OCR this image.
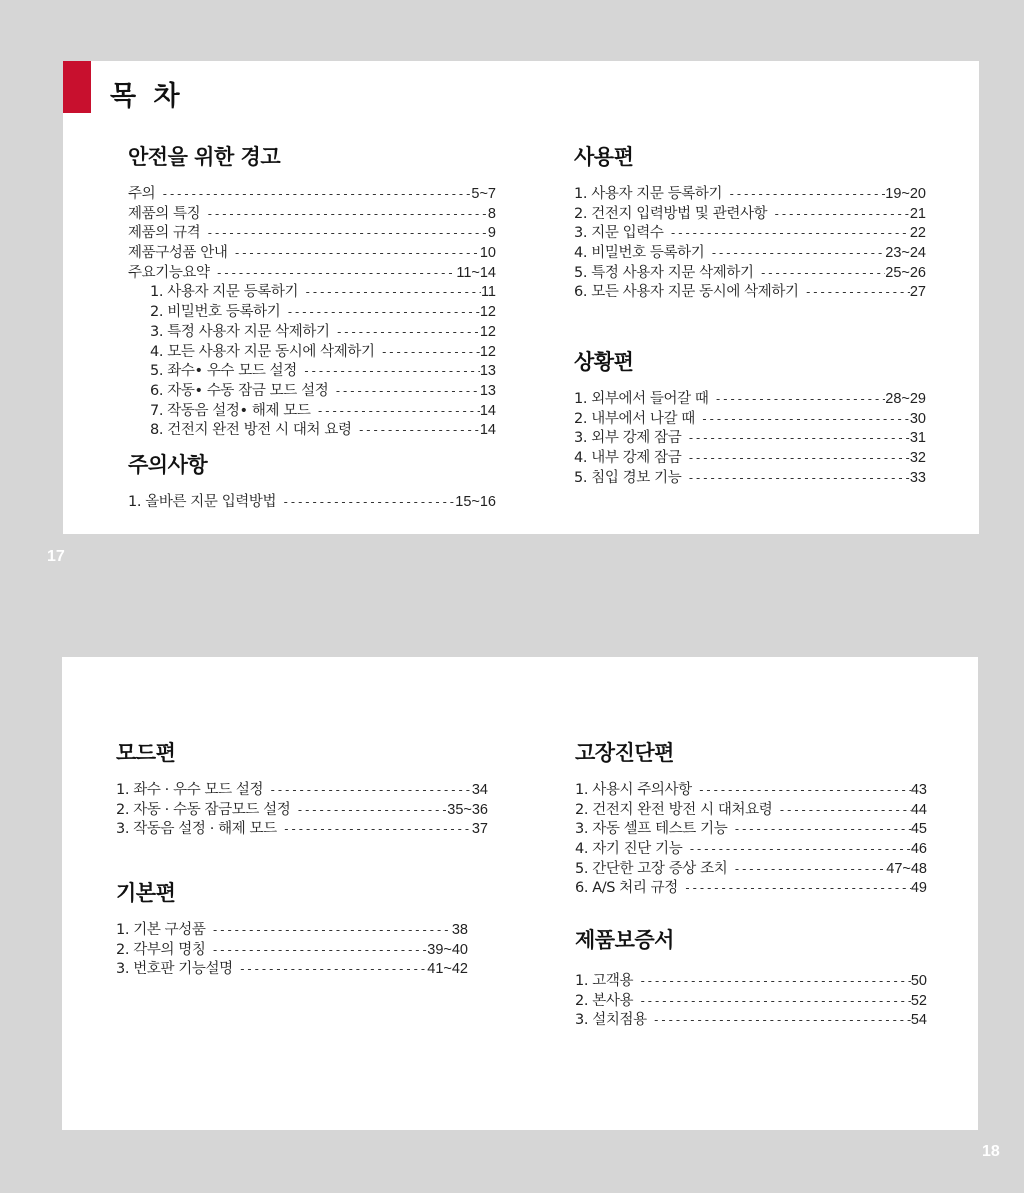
목 차
17
18
안전을 위한 경고
주의 -----	5~7
제품의 특징 -----	8
제품의 규격 -----	9
제품구성품 안내 -----	10
주요기능요약 -----	11~14
1. 사용자 지문 등록하기 -----	11
2. 비밀번호 등록하기 -----	12
3. 특정 사용자 지문 삭제하기 -----	12
4. 모든 사용자 지문 동시에 삭제하기 -----	12
5. 좌수• 우수 모드 설정 -----	13
6. 자동• 수동 잠금 모드 설정 -----	13
7. 작동음 설정• 해제 모드 -----	14
8. 건전지 완전 방전 시 대처 요령 -----	14
주의사항
1. 올바른 지문 입력방법 -----	15~16
사용편
1. 사용자 지문 등록하기 -----	19~20
2. 건전지 입력방법 및 관련사항 -----	21
3. 지문 입력수 -----	22
4. 비밀번호 등록하기 -----	23~24
5. 특정 사용자 지문 삭제하기 -----	25~26
6. 모든 사용자 지문 동시에 삭제하기 -----	27
상황편
1. 외부에서 들어갈 때 -----	28~29
2. 내부에서 나갈 때 -----	30
3. 외부 강제 잠금 -----	31
4. 내부 강제 잠금 -----	32
5. 침입 경보 기능 -----	33
모드편
1. 좌수 · 우수 모드 설정 -----	34
2. 자동 · 수동 잠금모드 설정 -----	35~36
3. 작동음 설정 · 해제 모드 -----	37
기본편
1. 기본 구성품 -----	38
2. 각부의 명칭 -----	39~40
3. 번호판 기능설명 -----	41~42
고장진단편
1. 사용시 주의사항 -----	43
2. 건전지 완전 방전 시 대처요령 -----	44
3. 자동 셀프 테스트 기능 -----	45
4. 자기 진단 기능 -----	46
5. 간단한 고장 증상 조치 -----	47~48
6. A/S 처리 규정 -----	49
제품보증서
1. 고객용 -----	50
2. 본사용 -----	52
3. 설치점용 -----	54
